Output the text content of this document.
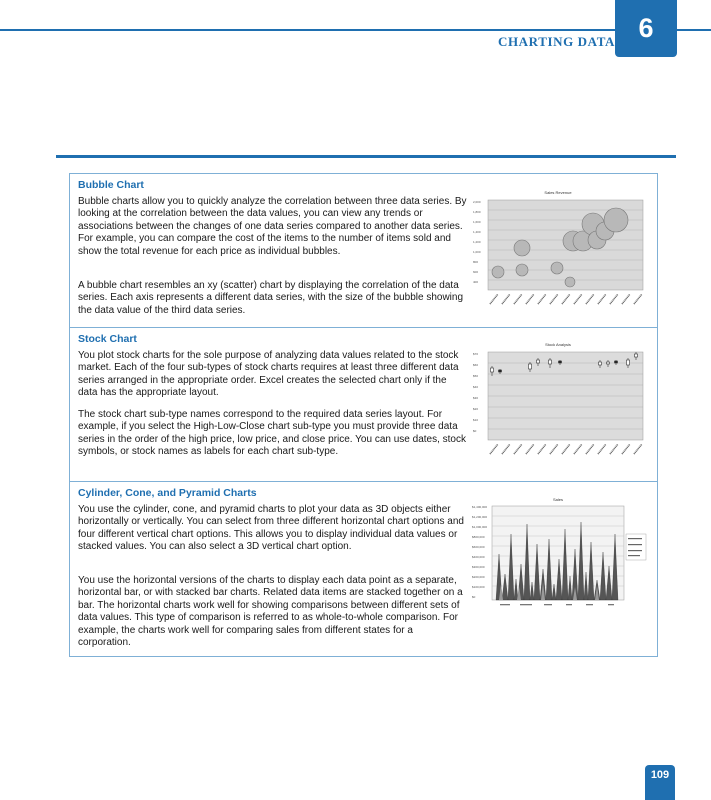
CHARTING DATA 6
Bubble Chart

Bubble charts allow you to quickly analyze the correlation between three data series. By looking at the correlation between the data values, you can view any trends or associations between the changes of one data series compared to another data series. For example, you can compare the cost of the items to the number of items sold and show the total revenue for each price as individual bubbles.

A bubble chart resembles an xy (scatter) chart by displaying the correlation of the data series. Each axis represents a different data series, with the size of the bubble showing the data value of the third data series.

Sales Revenue
2,000
1,800
1,600
1,400
1,200
1,000
800
600
400
Stock Chart

You plot stock charts for the sole purpose of analyzing data values related to the stock market. Each of the four sub-types of stock charts requires at least three different data series arranged in the appropriate order. Excel creates the selected chart only if the data has the appropriate layout.

The stock chart sub-type names correspond to the required data series layout. For example, if you select the High-Low-Close chart sub-type you must provide three data series in the order of the high price, low price, and close price. You can use dates, stock symbols, or stock names as labels for each chart sub-type.

Stock Analysis
$70
$60
$50
$40
$30
$20
$10
$0
Cylinder, Cone, and Pyramid Charts

You use the cylinder, cone, and pyramid charts to plot your data as 3D objects either horizontally or vertically. You can select from three different horizontal chart options and four different vertical chart options. This allows you to display individual data values or stacked values. You can also select a 3D vertical chart option.

You use the horizontal versions of the charts to display each data point as a separate, horizontal bar, or with stacked bar charts. Related data items are stacked together on a bar. The horizontal charts work well for showing comparisons between different sets of data values. This type of comparison is referred to as whole-to-whole comparison. For example, the charts work well for comparing sales from different states for a corporation.

Sales
$1,400,000
$1,200,000
$1,000,000
$800,000
$600,000
$400,000
$300,000
$200,000
$100,000
$0
109
